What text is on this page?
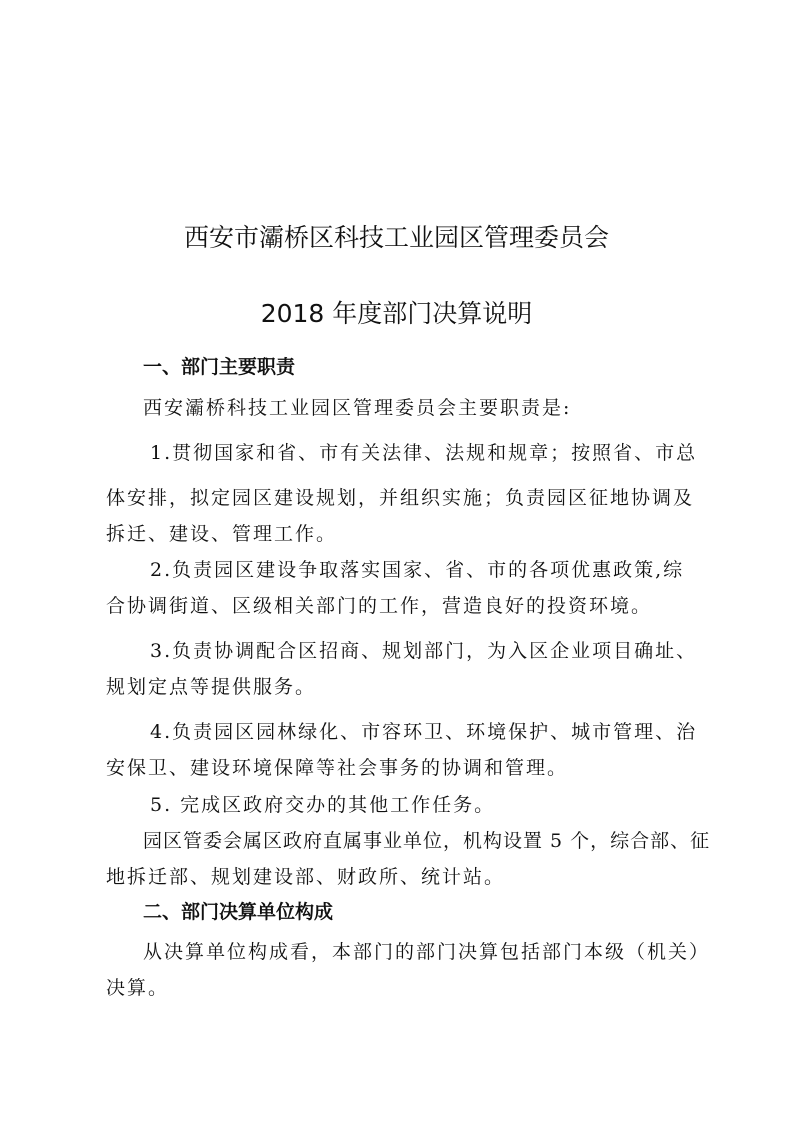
西安市灞桥区科技工业园区管理委员会
2018 年度部门决算说明
一、部门主要职责
西安灞桥科技工业园区管理委员会主要职责是:
1.贯彻国家和省、市有关法律、法规和规章；按照省、市总
体安排，拟定园区建设规划，并组织实施；负责园区征地协调及
拆迁、建设、管理工作。
2.负责园区建设争取落实国家、省、市的各项优惠政策,综
合协调街道、区级相关部门的工作，营造良好的投资环境。
3.负责协调配合区招商、规划部门，为入区企业项目确址、
规划定点等提供服务。
4.负责园区园林绿化、市容环卫、环境保护、城市管理、治
安保卫、建设环境保障等社会事务的协调和管理。
5. 完成区政府交办的其他工作任务。
园区管委会属区政府直属事业单位，机构设置 5 个，综合部、征
地拆迁部、规划建设部、财政所、统计站。
二、部门决算单位构成
从决算单位构成看，本部门的部门决算包括部门本级（机关）
决算。
